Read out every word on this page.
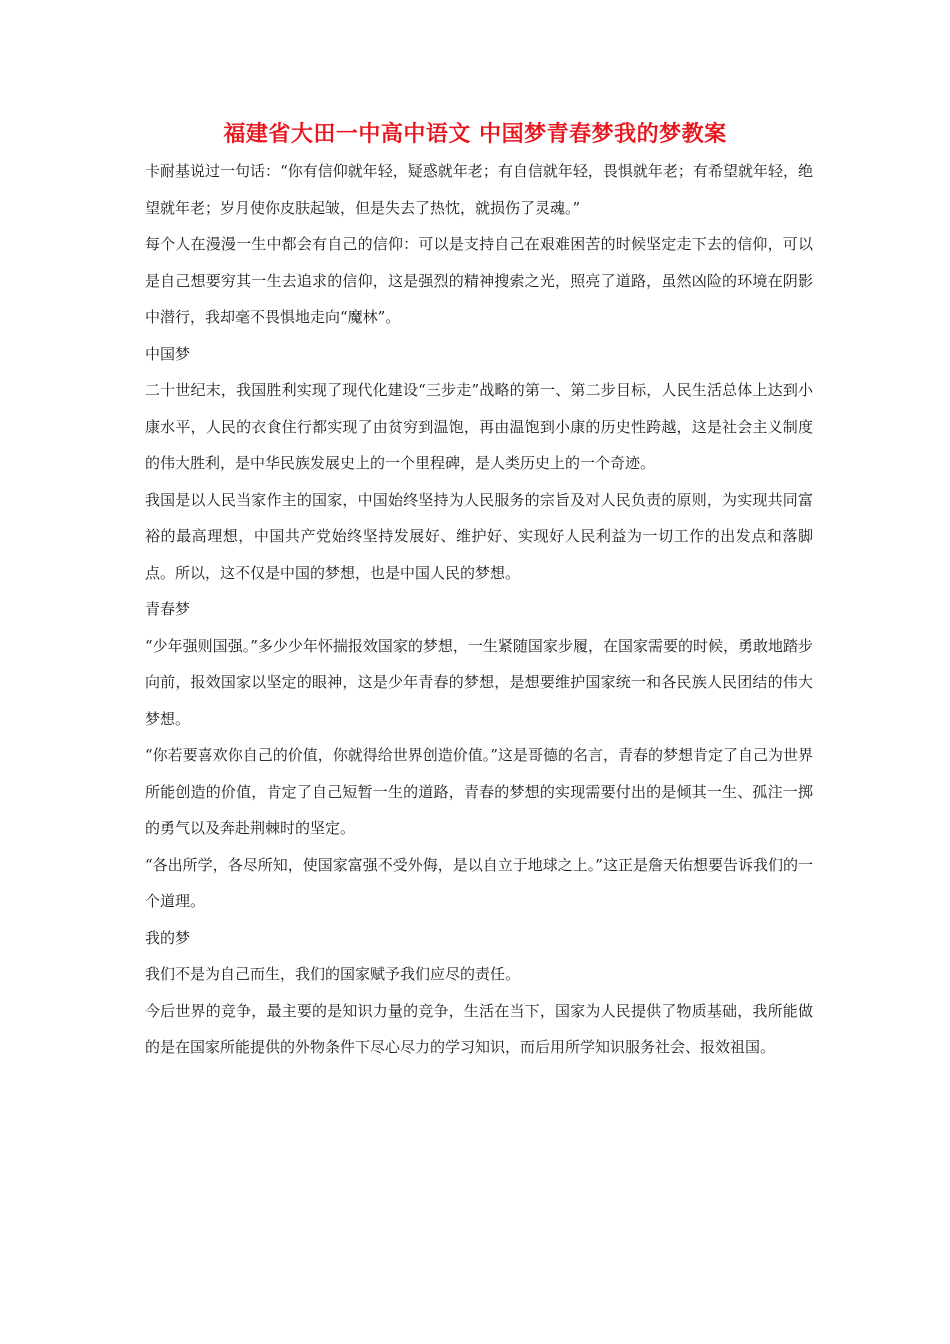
福建省大田一中高中语文 中国梦青春梦我的梦教案

卡耐基说过一句话：“你有信仰就年轻，疑惑就年老；有自信就年轻，畏惧就年老；有希望就年轻，绝望就年老；岁月使你皮肤起皱，但是失去了热忱，就损伤了灵魂。”

每个人在漫漫一生中都会有自己的信仰：可以是支持自己在艰难困苦的时候坚定走下去的信仰，可以是自己想要穷其一生去追求的信仰，这是强烈的精神搜索之光，照亮了道路，虽然凶险的环境在阴影中潜行，我却毫不畏惧地走向“魔林”。

中国梦

二十世纪末，我国胜利实现了现代化建设“三步走”战略的第一、第二步目标，人民生活总体上达到小康水平，人民的衣食住行都实现了由贫穷到温饱，再由温饱到小康的历史性跨越，这是社会主义制度的伟大胜利，是中华民族发展史上的一个里程碑，是人类历史上的一个奇迹。

我国是以人民当家作主的国家，中国始终坚持为人民服务的宗旨及对人民负责的原则，为实现共同富裕的最高理想，中国共产党始终坚持发展好、维护好、实现好人民利益为一切工作的出发点和落脚点。所以，这不仅是中国的梦想，也是中国人民的梦想。

青春梦

“少年强则国强。”多少少年怀揣报效国家的梦想，一生紧随国家步履，在国家需要的时候，勇敢地踏步向前，报效国家以坚定的眼神，这是少年青春的梦想，是想要维护国家统一和各民族人民团结的伟大梦想。

“你若要喜欢你自己的价值，你就得给世界创造价值。”这是哥德的名言，青春的梦想肯定了自己为世界所能创造的价值，肯定了自己短暂一生的道路，青春的梦想的实现需要付出的是倾其一生、孤注一掷的勇气以及奔赴荆棘时的坚定。

“各出所学，各尽所知，使国家富强不受外侮，是以自立于地球之上。”这正是詹天佑想要告诉我们的一个道理。

我的梦

我们不是为自己而生，我们的国家赋予我们应尽的责任。

今后世界的竞争，最主要的是知识力量的竞争，生活在当下，国家为人民提供了物质基础，我所能做的是在国家所能提供的外物条件下尽心尽力的学习知识，而后用所学知识服务社会、报效祖国。
